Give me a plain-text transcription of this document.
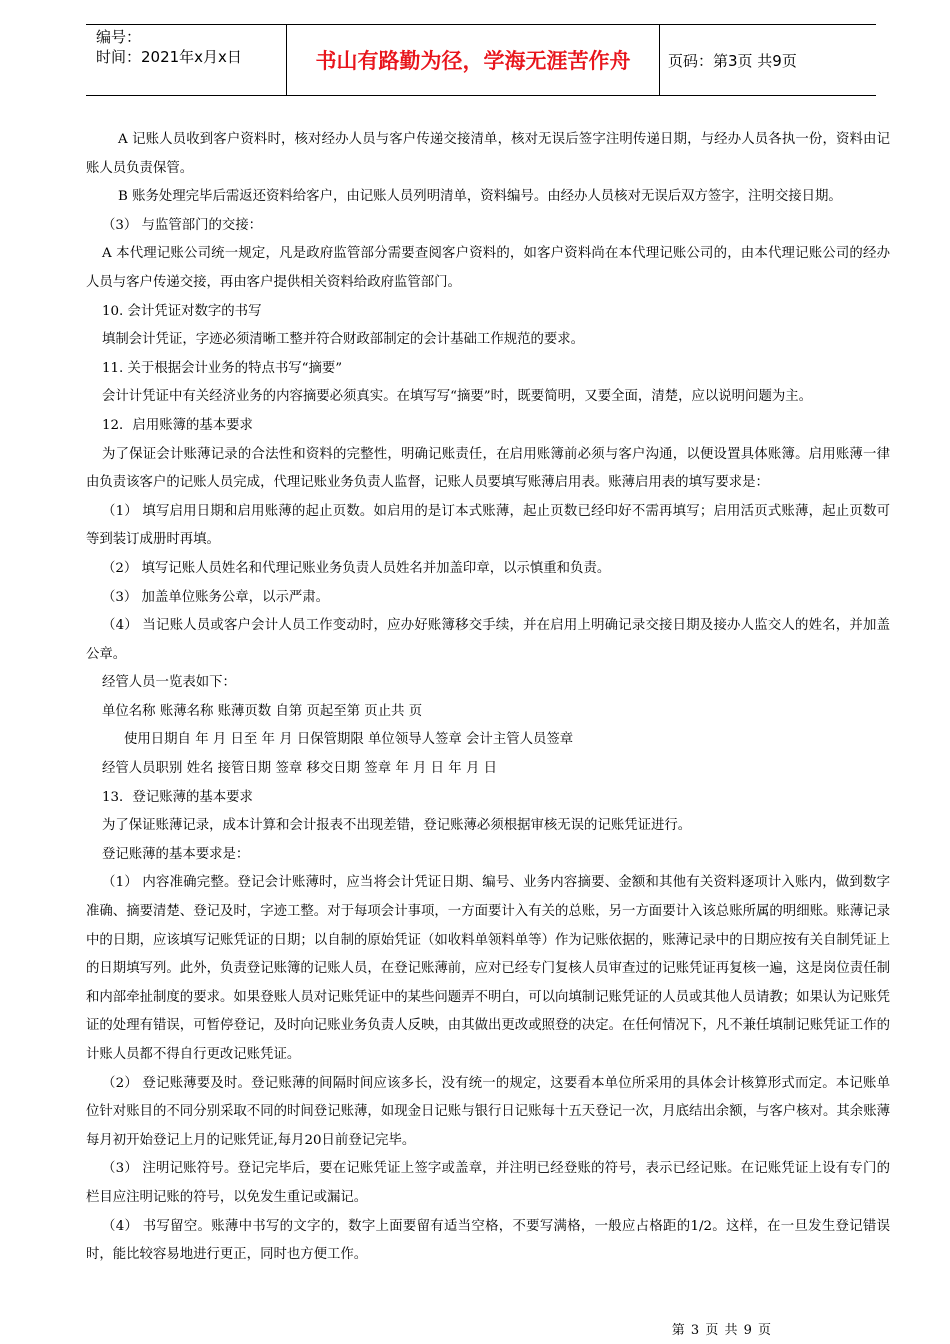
编号：
时间：2021年x月x日	书山有路勤为径，学海无涯苦作舟	页码：第3页 共9页

A 记账人员收到客户资料时，核对经办人员与客户传递交接清单，核对无误后签字注明传递日期，与经办人员各执一份，资料由记账人员负责保管。

B 账务处理完毕后需返还资料给客户，由记账人员列明清单，资料编号。由经办人员核对无误后双方签字，注明交接日期。

（3） 与监管部门的交接：

A 本代理记账公司统一规定，凡是政府监管部分需要查阅客户资料的，如客户资料尚在本代理记账公司的，由本代理记账公司的经办人员与客户传递交接，再由客户提供相关资料给政府监管部门。

10. 会计凭证对数字的书写

填制会计凭证，字迹必须清晰工整并符合财政部制定的会计基础工作规范的要求。

11. 关于根据会计业务的特点书写“摘要”

会计计凭证中有关经济业务的内容摘要必须真实。在填写写“摘要”时，既要简明，又要全面，清楚，应以说明问题为主。

12．启用账簿的基本要求

为了保证会计账薄记录的合法性和资料的完整性，明确记账责任，在启用账簿前必须与客户沟通，以便设置具体账簿。启用账薄一律由负责该客户的记账人员完成，代理记账业务负责人监督，记账人员要填写账薄启用表。账薄启用表的填写要求是：

（1） 填写启用日期和启用账薄的起止页数。如启用的是订本式账薄，起止页数已经印好不需再填写；启用活页式账薄，起止页数可等到装订成册时再填。

（2） 填写记账人员姓名和代理记账业务负责人员姓名并加盖印章，以示慎重和负责。

（3） 加盖单位账务公章，以示严肃。

（4） 当记账人员或客户会计人员工作变动时，应办好账簿移交手续，并在启用上明确记录交接日期及接办人监交人的姓名，并加盖公章。

经管人员一览表如下：

单位名称 账薄名称 账薄页数 自第 页起至第 页止共 页

使用日期自 年 月 日至 年 月 日保管期限 单位领导人签章 会计主管人员签章

经管人员职别 姓名 接管日期 签章 移交日期 签章 年 月 日 年 月 日

13．登记账薄的基本要求

为了保证账薄记录，成本计算和会计报表不出现差错，登记账薄必须根据审核无误的记账凭证进行。

登记账薄的基本要求是：

（1） 内容准确完整。登记会计账薄时，应当将会计凭证日期、编号、业务内容摘要、金额和其他有关资料逐项计入账内，做到数字准确、摘要清楚、登记及时，字迹工整。对于每项会计事项，一方面要计入有关的总账，另一方面要计入该总账所属的明细账。账薄记录中的日期，应该填写记账凭证的日期；以自制的原始凭证（如收料单领料单等）作为记账依据的，账薄记录中的日期应按有关自制凭证上的日期填写列。此外，负责登记账簿的记账人员，在登记账薄前，应对已经专门复核人员审查过的记账凭证再复核一遍，这是岗位责任制和内部牵扯制度的要求。如果登账人员对记账凭证中的某些问题弄不明白，可以向填制记账凭证的人员或其他人员请教；如果认为记账凭证的处理有错误，可暂停登记，及时向记账业务负责人反映，由其做出更改或照登的决定。在任何情况下，凡不兼任填制记账凭证工作的计账人员都不得自行更改记账凭证。

（2） 登记账薄要及时。登记账薄的间隔时间应该多长，没有统一的规定，这要看本单位所采用的具体会计核算形式而定。本记账单位针对账目的不同分别采取不同的时间登记账薄，如现金日记账与银行日记账每十五天登记一次，月底结出余额，与客户核对。其余账薄每月初开始登记上月的记账凭证,每月20日前登记完毕。

（3） 注明记账符号。登记完毕后，要在记账凭证上签字或盖章，并注明已经登账的符号，表示已经记账。在记账凭证上设有专门的栏目应注明记账的符号，以免发生重记或漏记。

（4） 书写留空。账薄中书写的文字的，数字上面要留有适当空格，不要写满格，一般应占格距的1/2。这样，在一旦发生登记错误时，能比较容易地进行更正，同时也方便工作。

第 3 页 共 9 页
